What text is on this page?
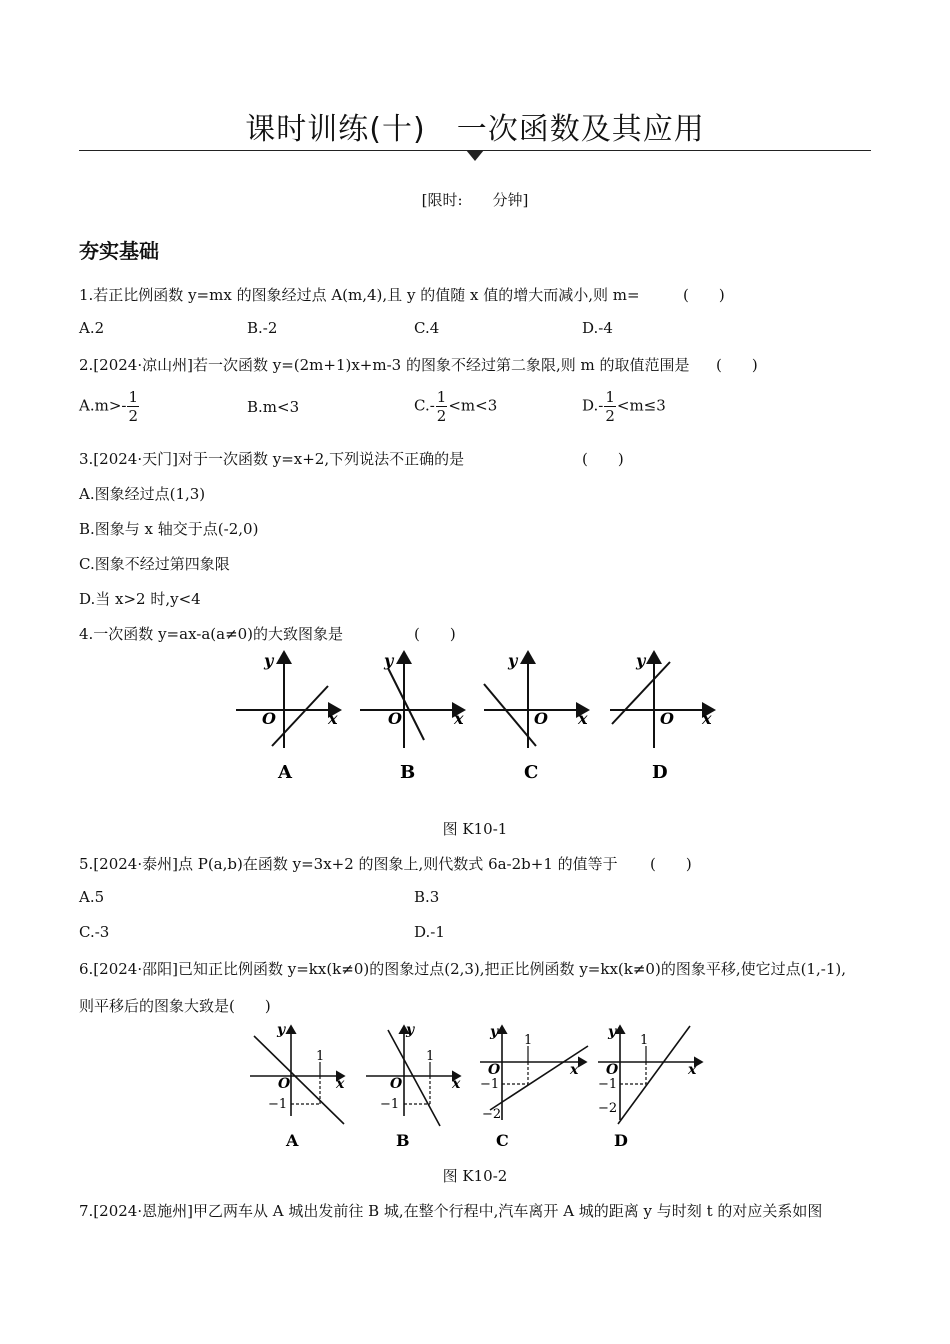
课时训练(十)　一次函数及其应用
[限时:　　分钟]
夯实基础
1.若正比例函数 y=mx 的图象经过点 A(m,4),且 y 的值随 x 值的增大而减小,则 m=	(　　)
A.2	B.-2	C.4	D.-4
2.[2024·凉山州]若一次函数 y=(2m+1)x+m-3 的图象不经过第二象限,则 m 的取值范围是 (　　)
$A.m>- \frac{1}{2}$	B.m<3	$C.- \frac{1}{2} <m<3$	$D.- \frac{1}{2} <m\le 3$
3.[2024·天门]对于一次函数 y=x+2,下列说法不正确的是	(　　)
A.图象经过点(1,3)
B.图象与 x 轴交于点(-2,0)
C.图象不经过第四象限
D.当 x>2 时,y<4
4.一次函数 y=ax-a(a≠0)的大致图象是	(　　)
y
O	x
A
y
O	x
B
y
O x
C
y
O x
D
图 K10-1
5.[2024·泰州]点 P(a,b)在函数 y=3x+2 的图象上,则代数式 6a-2b+1 的值等于 (　　)
A.5	B.3
C.-3	D.-1
6.[2024·邵阳]已知正比例函数 y=kx(k≠0)的图象过点(2,3),把正比例函数 y=kx(k≠0)的图象平移,使它过点(1,-1),
则平移后的图象大致是(　　)
y
O	x
1
−1
A
y
O	x
1
−1
B
y
O	x
1
−1
−2
C
y
O	x
1
−1
−2
D
图 K10-2
7.[2024·恩施州]甲乙两车从 A 城出发前往 B 城,在整个行程中,汽车离开 A 城的距离 y 与时刻 t 的对应关系如图
